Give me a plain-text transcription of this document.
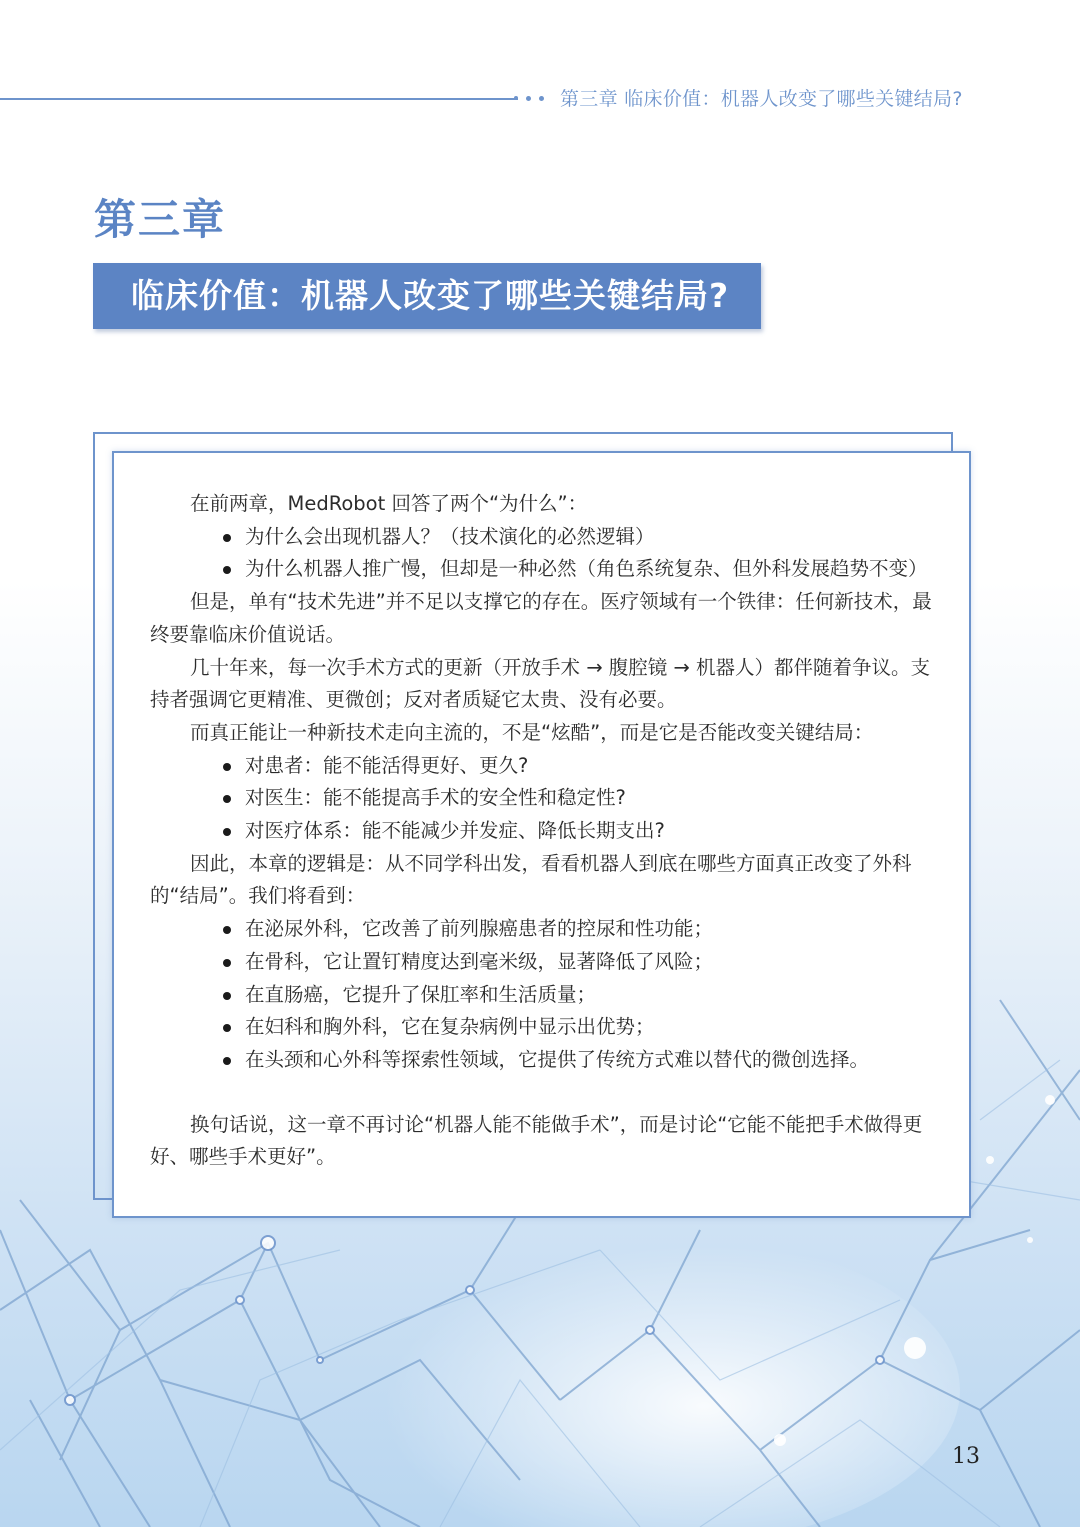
第三章 临床价值：机器人改变了哪些关键结局?
第三章
临床价值：机器人改变了哪些关键结局?

在前两章，MedRobot 回答了两个“为什么”：

为什么会出现机器人？（技术演化的必然逻辑）
为什么机器人推广慢，但却是一种必然（角色系统复杂、但外科发展趋势不变）

但是，单有“技术先进”并不足以支撑它的存在。医疗领域有一个铁律：任何新技术，最终要靠临床价值说话。

几十年来，每一次手术方式的更新（开放手术 → 腹腔镜 → 机器人）都伴随着争议。支持者强调它更精准、更微创；反对者质疑它太贵、没有必要。

而真正能让一种新技术走向主流的，不是“炫酷”，而是它是否能改变关键结局：

对患者：能不能活得更好、更久?
对医生：能不能提高手术的安全性和稳定性?
对医疗体系：能不能减少并发症、降低长期支出?

因此，本章的逻辑是：从不同学科出发，看看机器人到底在哪些方面真正改变了外科的“结局”。我们将看到：

在泌尿外科，它改善了前列腺癌患者的控尿和性功能；
在骨科，它让置钉精度达到毫米级，显著降低了风险；
在直肠癌，它提升了保肛率和生活质量；
在妇科和胸外科，它在复杂病例中显示出优势；
在头颈和心外科等探索性领域，它提供了传统方式难以替代的微创选择。

换句话说，这一章不再讨论“机器人能不能做手术”，而是讨论“它能不能把手术做得更好、哪些手术更好”。

13
